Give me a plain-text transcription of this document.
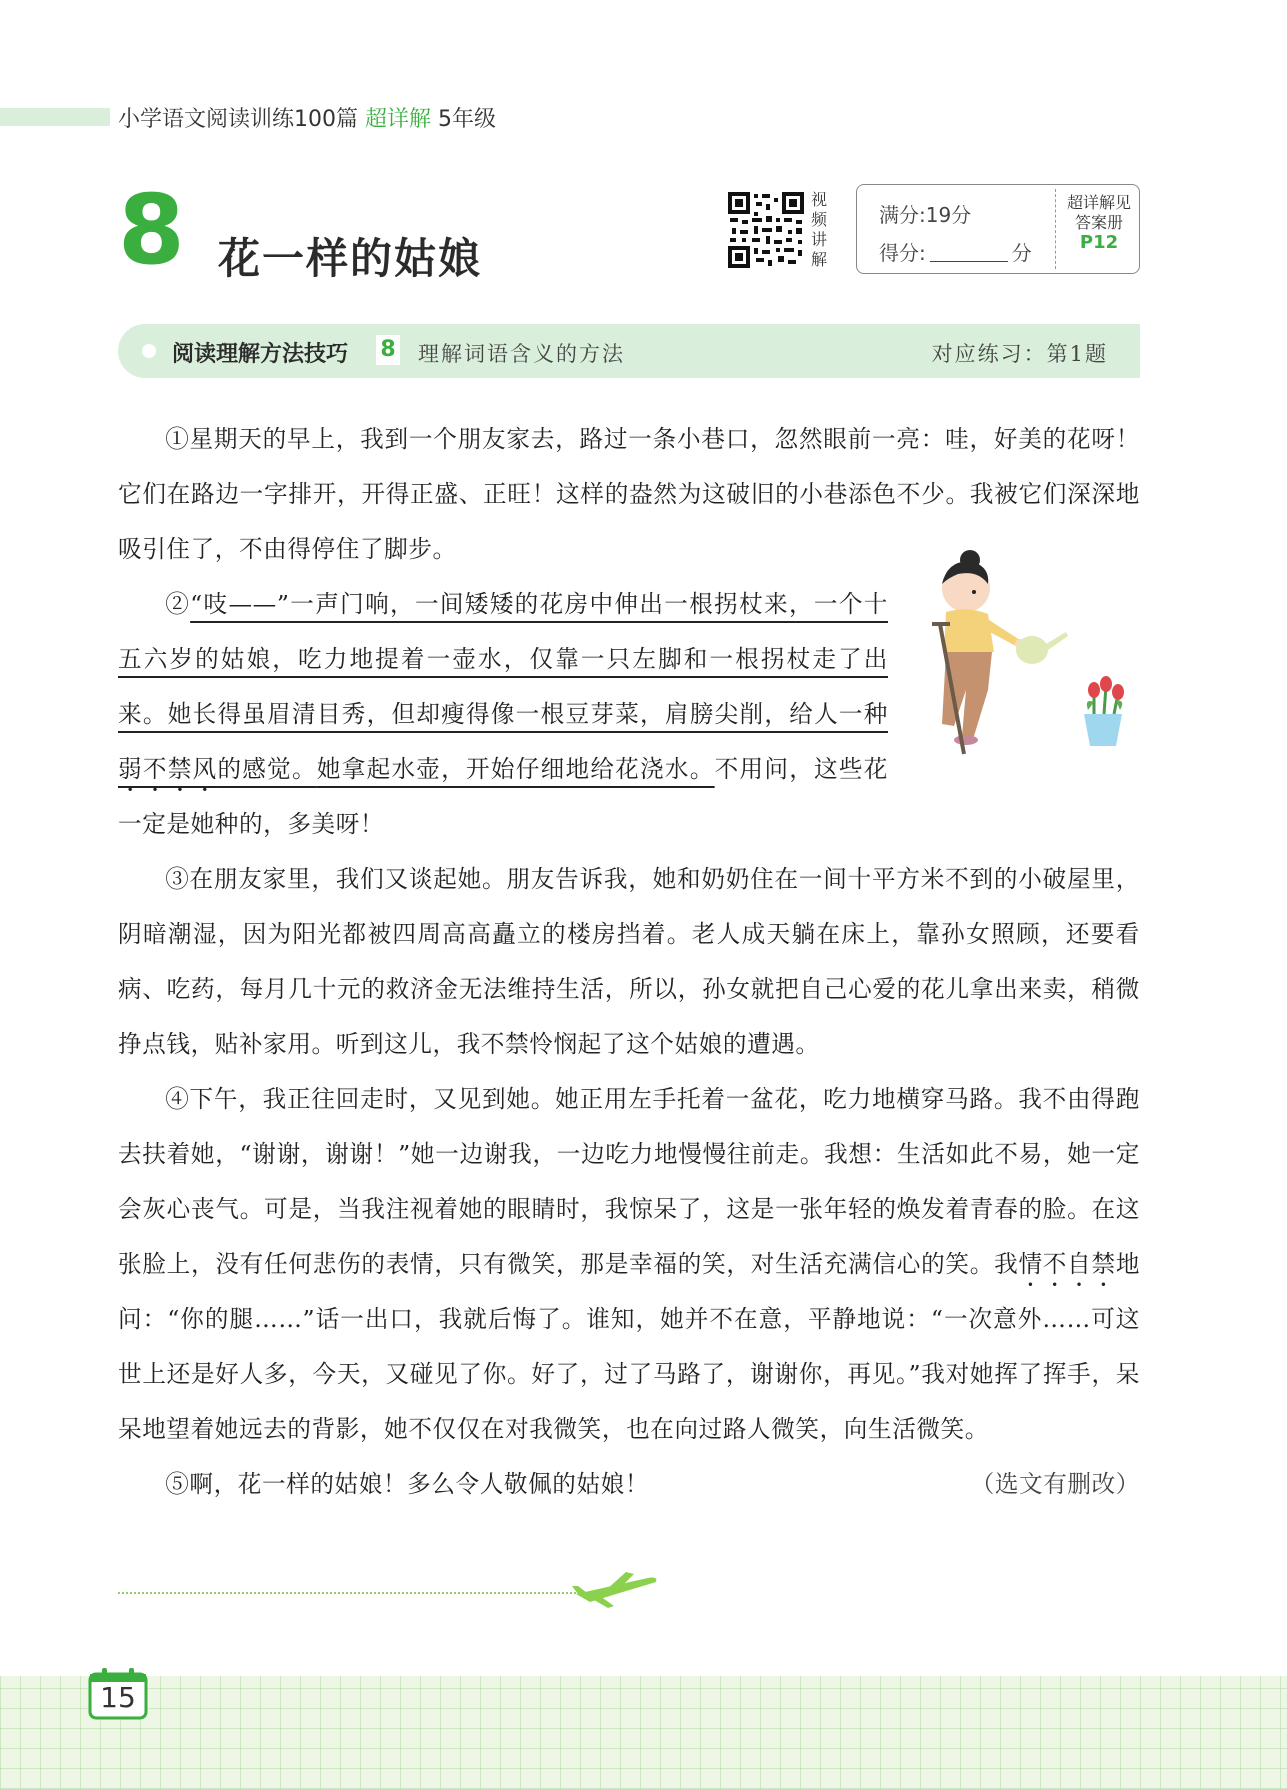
小学语文阅读训练100篇 超详解 5年级
8 花一样的姑娘
视频讲解
满分:19分
得分:	分
超详解见
答案册
P12
阅读理解方法技巧 8 理解词语含义的方法	对应练习：第1题

①星期天的早上，我到一个朋友家去，路过一条小巷口，忽然眼前一亮：哇，好美的花呀！它们在路边一字排开，开得正盛、正旺！这样的盎然为这破旧的小巷添色不少。我被它们深深地吸引住了，不由得停住了脚步。

②“吱——”一声门响，一间矮矮的花房中伸出一根拐杖来，一个十五六岁的姑娘，吃力地提着一壶水，仅靠一只左脚和一根拐杖走了出来。她长得虽眉清目秀，但却瘦得像一根豆芽菜，肩膀尖削，给人一种弱不禁风的感觉。她拿起水壶，开始仔细地给花浇水。不用问，这些花一定是她种的，多美呀！

③在朋友家里，我们又谈起她。朋友告诉我，她和奶奶住在一间十平方米不到的小破屋里，阴暗潮湿，因为阳光都被四周高高矗立的楼房挡着。老人成天躺在床上，靠孙女照顾，还要看病、吃药，每月几十元的救济金无法维持生活，所以，孙女就把自己心爱的花儿拿出来卖，稍微挣点钱，贴补家用。听到这儿，我不禁怜悯起了这个姑娘的遭遇。

④下午，我正往回走时，又见到她。她正用左手托着一盆花，吃力地横穿马路。我不由得跑去扶着她，“谢谢，谢谢！”她一边谢我，一边吃力地慢慢往前走。我想：生活如此不易，她一定会灰心丧气。可是，当我注视着她的眼睛时，我惊呆了，这是一张年轻的焕发着青春的脸。在这张脸上，没有任何悲伤的表情，只有微笑，那是幸福的笑，对生活充满信心的笑。我情不自禁地问：“你的腿……”话一出口，我就后悔了。谁知，她并不在意，平静地说：“一次意外……可这世上还是好人多，今天，又碰见了你。好了，过了马路了，谢谢你，再见。”我对她挥了挥手，呆呆地望着她远去的背影，她不仅仅在对我微笑，也在向过路人微笑，向生活微笑。

⑤啊，花一样的姑娘！多么令人敬佩的姑娘！	（选文有删改）

15
